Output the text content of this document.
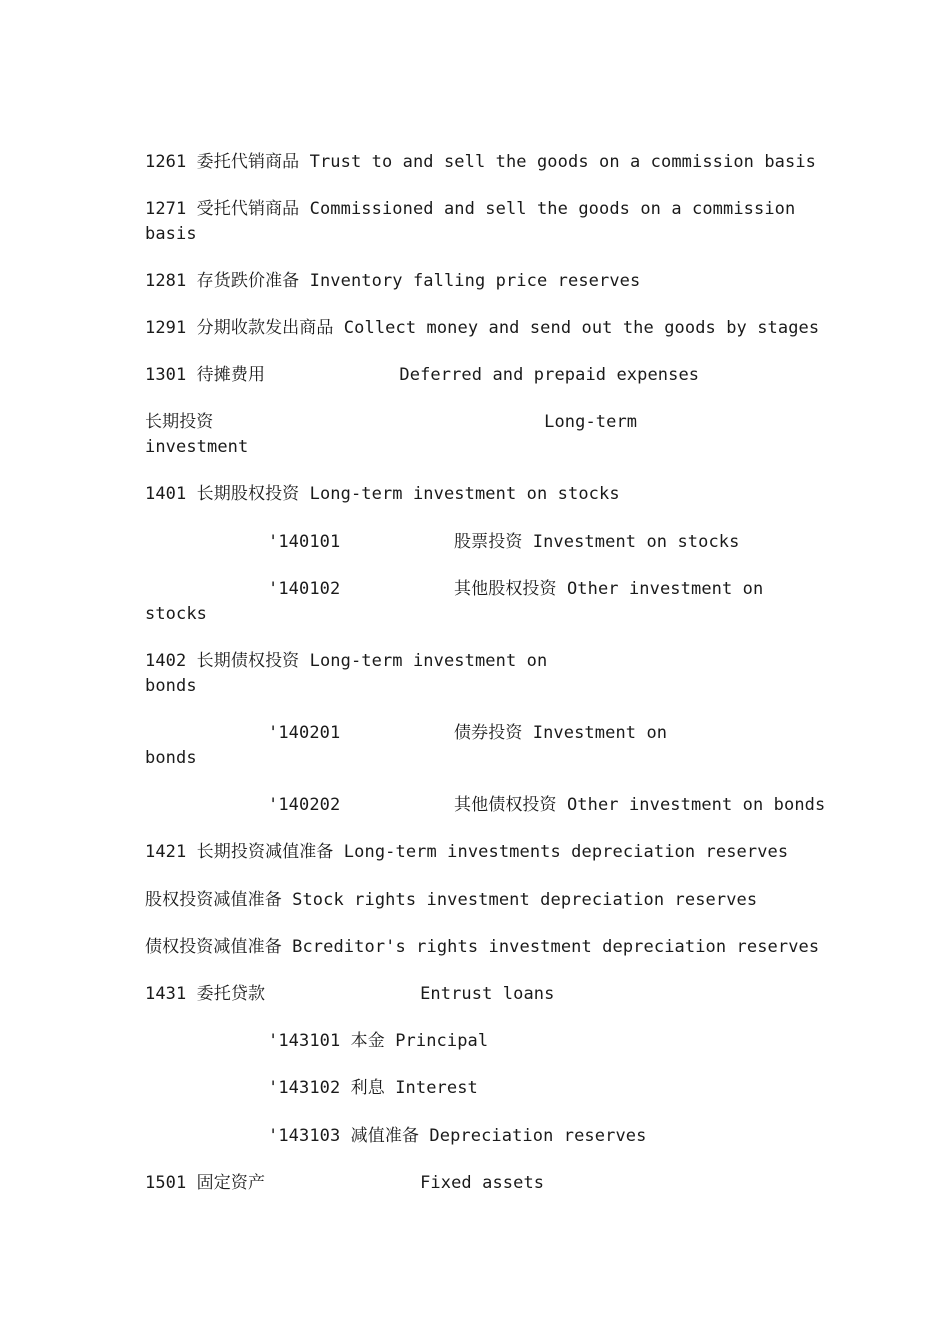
1261 委托代销商品 Trust to and sell the goods on a commission basis
1271 受托代销商品 Commissioned and sell the goods on a commission
basis
1281 存货跌价准备 Inventory falling price reserves
1291 分期收款发出商品 Collect money and send out the goods by stages
1301 待摊费用             Deferred and prepaid expenses
长期投资                                Long-term
investment
1401 长期股权投资 Long-term investment on stocks
'140101           股票投资 Investment on stocks
'140102           其他股权投资 Other investment on
stocks
1402 长期债权投资 Long-term investment on
bonds
'140201           债券投资 Investment on
bonds
'140202           其他债权投资 Other investment on bonds
1421 长期投资减值准备 Long-term investments depreciation reserves
股权投资减值准备 Stock rights investment depreciation reserves
债权投资减值准备 Bcreditor's rights investment depreciation reserves
1431 委托贷款               Entrust loans
'143101 本金 Principal
'143102 利息 Interest
'143103 减值准备 Depreciation reserves
1501 固定资产               Fixed assets
